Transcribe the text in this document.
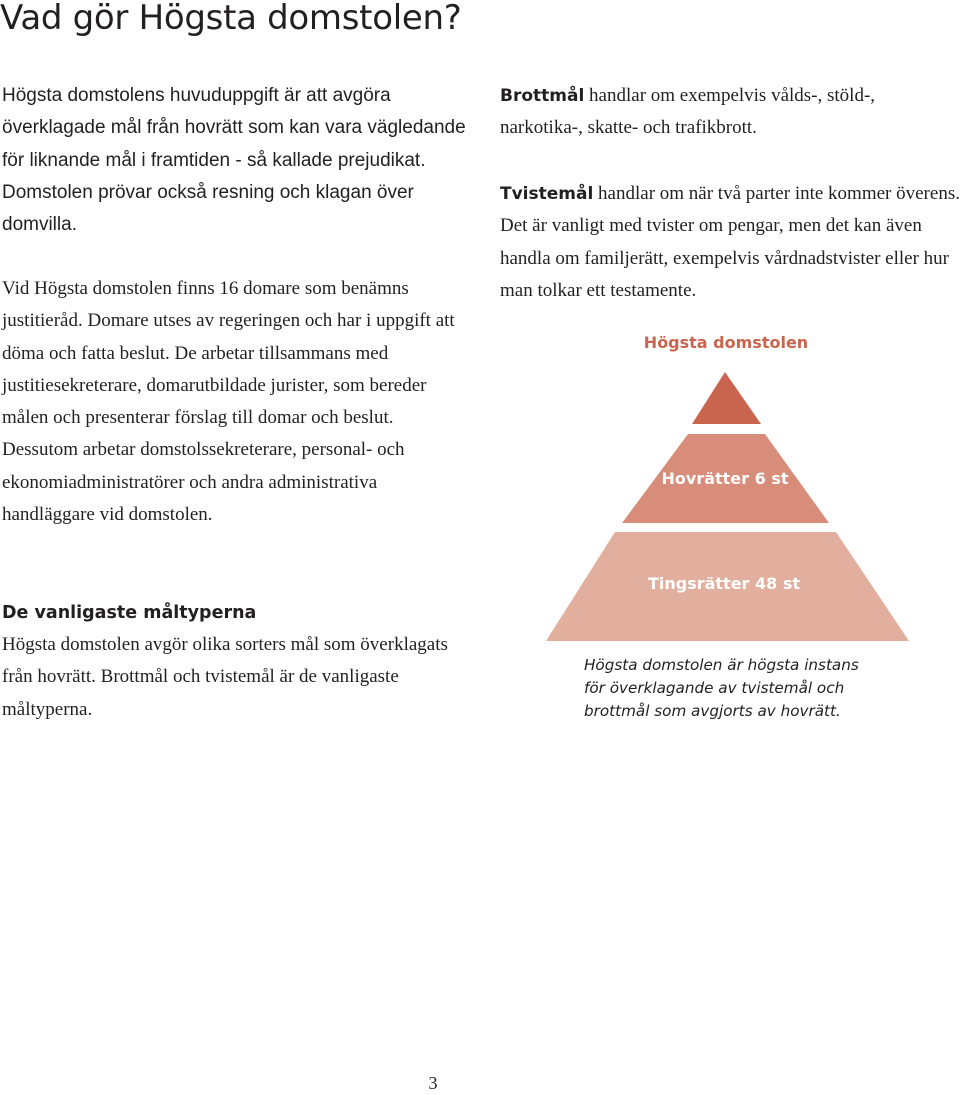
Vad gör Högsta domstolen?

Högsta domstolens huvuduppgift är att avgöra överklagade mål från hovrätt som kan vara vägledande för liknande mål i framtiden - så kallade prejudikat. Domstolen prövar också resning och klagan över domvilla.

Vid Högsta domstolen finns 16 domare som benämns justitieråd. Domare utses av regeringen och har i uppgift att döma och fatta beslut. De arbetar tillsammans med justitiesekreterare, domarutbildade jurister, som bereder målen och presenterar förslag till domar och beslut. Dessutom arbetar domstolssekreterare, personal- och ekonomiadministratörer och andra administrativa handläggare vid domstolen.

De vanligaste måltyperna

Högsta domstolen avgör olika sorters mål som överklagats från hovrätt. Brottmål och tvistemål är de vanligaste måltyperna.

Brottmål handlar om exempelvis vålds-, stöld-, narkotika-, skatte- och trafikbrott.

Tvistemål handlar om när två parter inte kommer överens. Det är vanligt med tvister om pengar, men det kan även handla om familjerätt, exempelvis vårdnadstvister eller hur man tolkar ett testamente.

Högsta domstolen
Hovrätter 6 st
Tingsrätter 48 st

Högsta domstolen är högsta instans
för överklagande av tvistemål och
brottmål som avgjorts av hovrätt.

3
